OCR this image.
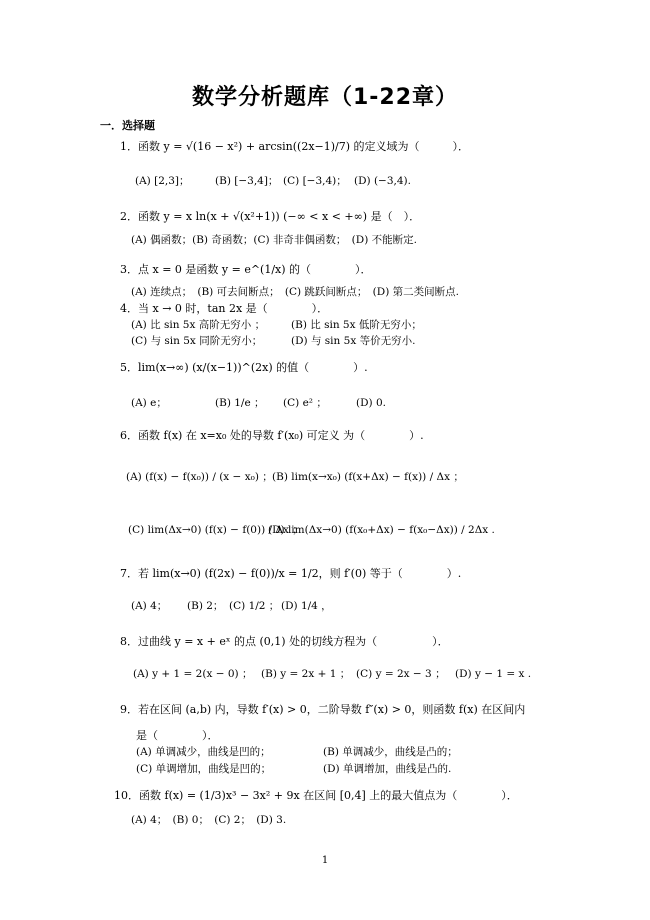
数学分析题库（1-22章）
一．选择题
1．函数 y = √(16 − x²) + arcsin((2x−1)/7) 的定义域为（　　　）．
(A) [2,3]； (B) [−3,4]； (C) [−3,4)； (D) (−3,4).
2．函数 y = x ln(x + √(x²+1)) (−∞ < x < +∞) 是（　）．
(A) 偶函数；(B) 奇函数；(C) 非奇非偶函数；　(D) 不能断定.
3．点 x = 0 是函数 y = e^(1/x) 的（　　　　）．
(A) 连续点；　(B) 可去间断点；　(C) 跳跃间断点；　(D) 第二类间断点.
4．当 x → 0 时，tan 2x 是（　　　　）．
(A) 比 sin 5x 高阶无穷小 ； (B) 比 sin 5x 低阶无穷小；
(C) 与 sin 5x 同阶无穷小；	(D) 与 sin 5x 等价无穷小.
5．lim(x→∞) (x/(x−1))^(2x) 的值（　　　　）.
(A) e；	(B) 1/e ； (C) e² ；	(D) 0.
6．函数 f(x) 在 x=x₀ 处的导数 f′(x₀) 可定义 为（　　　　）.
(A) (f(x) − f(x₀)) / (x − x₀) ； (B) lim(x→x₀) (f(x+Δx) − f(x)) / Δx ；
(C) lim(Δx→0) (f(x) − f(0)) / Δx ；
(D) lim(Δx→0) (f(x₀+Δx) − f(x₀−Δx)) / 2Δx .
7．若 lim(x→0) (f(2x) − f(0))/x = 1/2，则 f′(0) 等于（　　　　）.
(A) 4； (B) 2； (C) 1/2 ； (D) 1/4 ，
8．过曲线 y = x + eˣ 的点 (0,1) 处的切线方程为（　　　　　）．
(A) y + 1 = 2(x − 0) ； (B) y = 2x + 1 ； (C) y = 2x − 3 ； (D) y − 1 = x .
9．若在区间 (a,b) 内，导数 f′(x) > 0，二阶导数 f″(x) > 0，则函数 f(x) 在区间内
是（　　　　）．
(A) 单调减少，曲线是凹的；	(B) 单调减少，曲线是凸的；
(C) 单调增加，曲线是凹的；	(D) 单调增加，曲线是凸的.
10．函数 f(x) = (1/3)x³ − 3x² + 9x 在区间 [0,4] 上的最大值点为（　　　　）．
(A) 4；　(B) 0；　(C) 2；　(D) 3.
1
